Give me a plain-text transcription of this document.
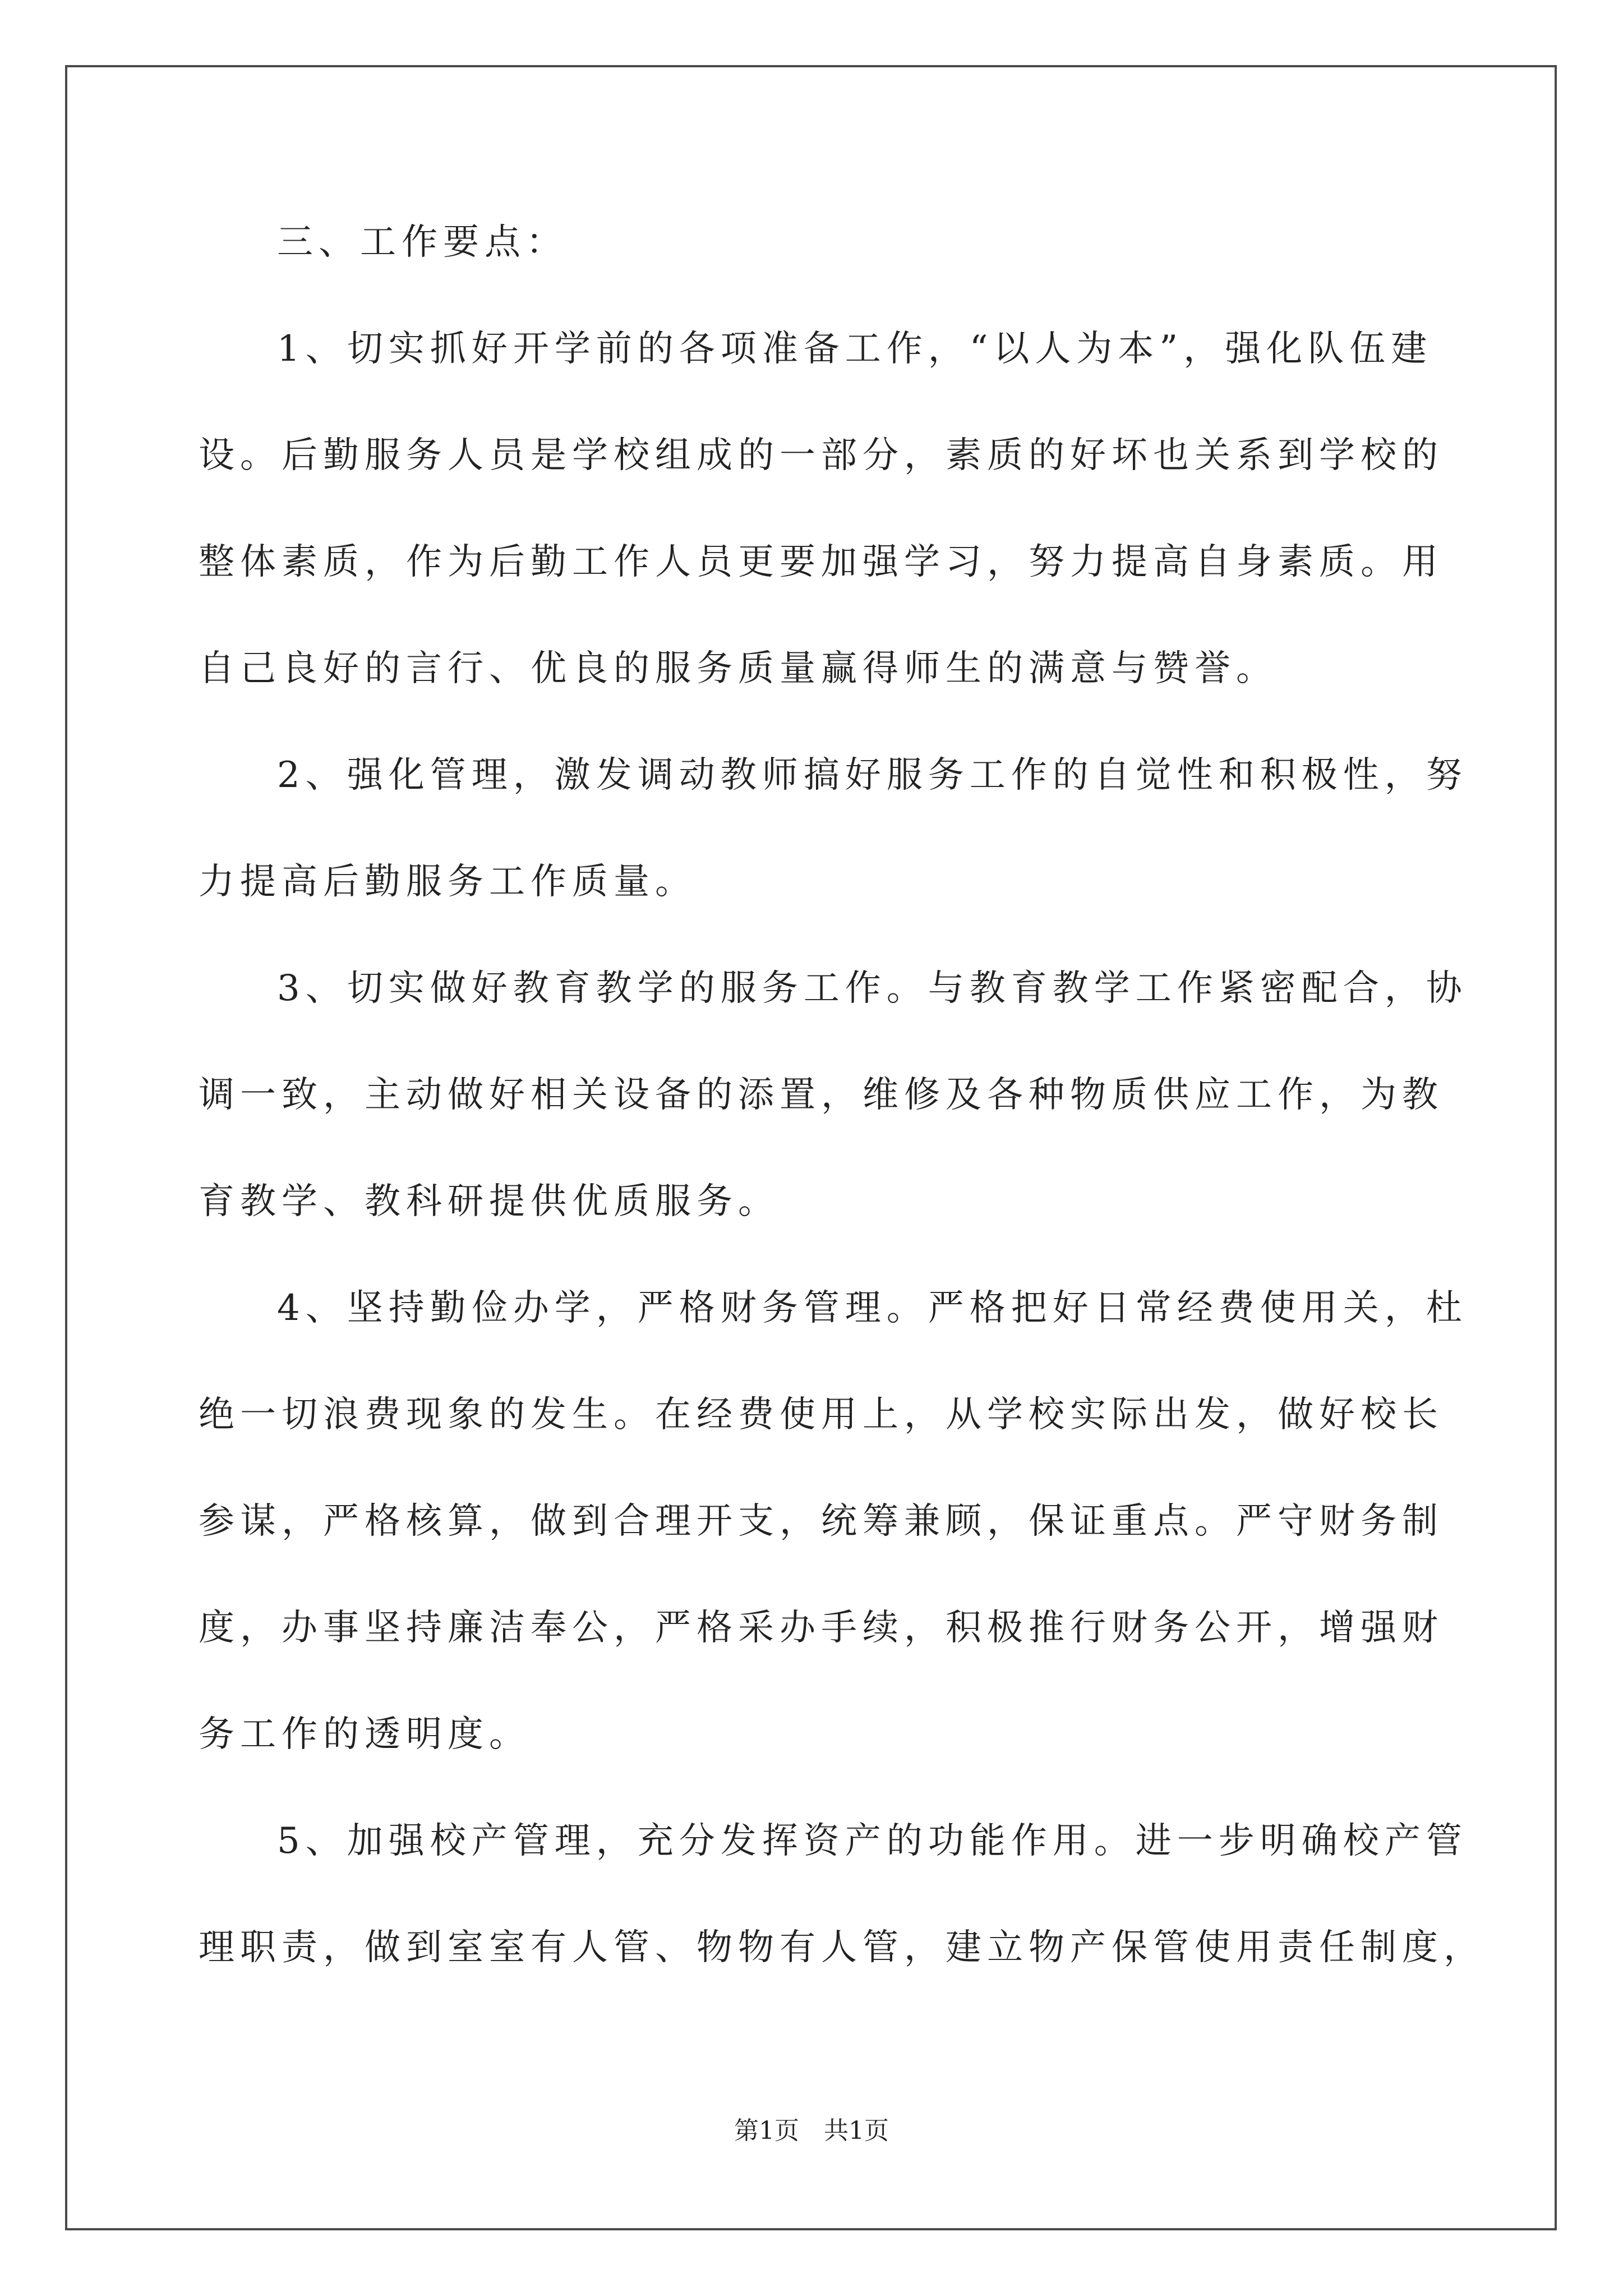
三、工作要点：
1、切实抓好开学前的各项准备工作，“以人为本”，强化队伍建
设。后勤服务人员是学校组成的一部分，素质的好坏也关系到学校的
整体素质，作为后勤工作人员更要加强学习，努力提高自身素质。用
自己良好的言行、优良的服务质量赢得师生的满意与赞誉。
2、强化管理，激发调动教师搞好服务工作的自觉性和积极性，努
力提高后勤服务工作质量。
3、切实做好教育教学的服务工作。与教育教学工作紧密配合，协
调一致，主动做好相关设备的添置，维修及各种物质供应工作，为教
育教学、教科研提供优质服务。
4、坚持勤俭办学，严格财务管理。严格把好日常经费使用关，杜
绝一切浪费现象的发生。在经费使用上，从学校实际出发，做好校长
参谋，严格核算，做到合理开支，统筹兼顾，保证重点。严守财务制
度，办事坚持廉洁奉公，严格采办手续，积极推行财务公开，增强财
务工作的透明度。
5、加强校产管理，充分发挥资产的功能作用。进一步明确校产管
理职责，做到室室有人管、物物有人管，建立物产保管使用责任制度，
第1页　共1页
